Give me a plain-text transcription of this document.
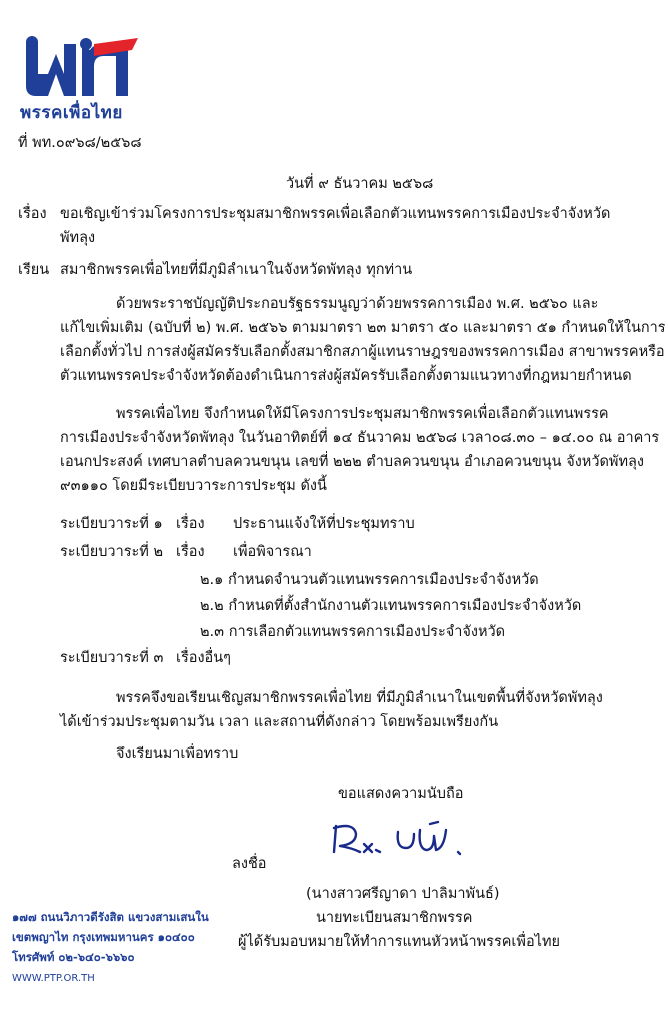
พรรคเพื่อไทย
ที่ พท.๐๙๖๘/๒๕๖๘
วันที่ ๙ ธันวาคม ๒๕๖๘
เรื่อง ขอเชิญเข้าร่วมโครงการประชุมสมาชิกพรรคเพื่อเลือกตัวแทนพรรคการเมืองประจำจังหวัด
พัทลุง
เรียน สมาชิกพรรคเพื่อไทยที่มีภูมิลำเนาในจังหวัดพัทลุง ทุกท่าน
ด้วยพระราชบัญญัติประกอบรัฐธรรมนูญว่าด้วยพรรคการเมือง พ.ศ. ๒๕๖๐ และ
แก้ไขเพิ่มเติม (ฉบับที่ ๒) พ.ศ. ๒๕๖๖ ตามมาตรา ๒๓ มาตรา ๕๐ และมาตรา ๕๑ กำหนดให้ในการ
เลือกตั้งทั่วไป การส่งผู้สมัครรับเลือกตั้งสมาชิกสภาผู้แทนราษฎรของพรรคการเมือง สาขาพรรคหรือ
ตัวแทนพรรคประจำจังหวัดต้องดำเนินการส่งผู้สมัครรับเลือกตั้งตามแนวทางที่กฎหมายกำหนด
พรรคเพื่อไทย จึงกำหนดให้มีโครงการประชุมสมาชิกพรรคเพื่อเลือกตัวแทนพรรค
การเมืองประจำจังหวัดพัทลุง ในวันอาทิตย์ที่ ๑๔ ธันวาคม ๒๕๖๘ เวลา๐๘.๓๐ – ๑๔.๐๐ ณ อาคาร
เอนกประสงค์ เทศบาลตำบลควนขนุน เลขที่ ๒๒๒ ตำบลควนขนุน อำเภอควนขนุน จังหวัดพัทลุง
๙๓๑๑๐ โดยมีระเบียบวาระการประชุม ดังนี้
ระเบียบวาระที่ ๑ เรื่อง ประธานแจ้งให้ที่ประชุมทราบ
ระเบียบวาระที่ ๒ เรื่อง เพื่อพิจารณา
๒.๑ กำหนดจำนวนตัวแทนพรรคการเมืองประจำจังหวัด
๒.๒ กำหนดที่ตั้งสำนักงานตัวแทนพรรคการเมืองประจำจังหวัด
๒.๓ การเลือกตัวแทนพรรคการเมืองประจำจังหวัด
ระเบียบวาระที่ ๓ เรื่องอื่นๆ
พรรคจึงขอเรียนเชิญสมาชิกพรรคเพื่อไทย ที่มีภูมิลำเนาในเขตพื้นที่จังหวัดพัทลุง
ได้เข้าร่วมประชุมตามวัน เวลา และสถานที่ดังกล่าว โดยพร้อมเพรียงกัน
จึงเรียนมาเพื่อทราบ
ขอแสดงความนับถือ
ลงชื่อ
(นางสาวศรีญาดา ปาลิมาพันธ์)
นายทะเบียนสมาชิกพรรค
ผู้ได้รับมอบหมายให้ทำการแทนหัวหน้าพรรคเพื่อไทย
๑๗๗ ถนนวิภาวดีรังสิต แขวงสามเสนใน
เขตพญาไท กรุงเทพมหานคร ๑๐๔๐๐
โทรศัพท์ ๐๒-๖๔๐-๖๖๖๐
WWW.PTP.OR.TH
